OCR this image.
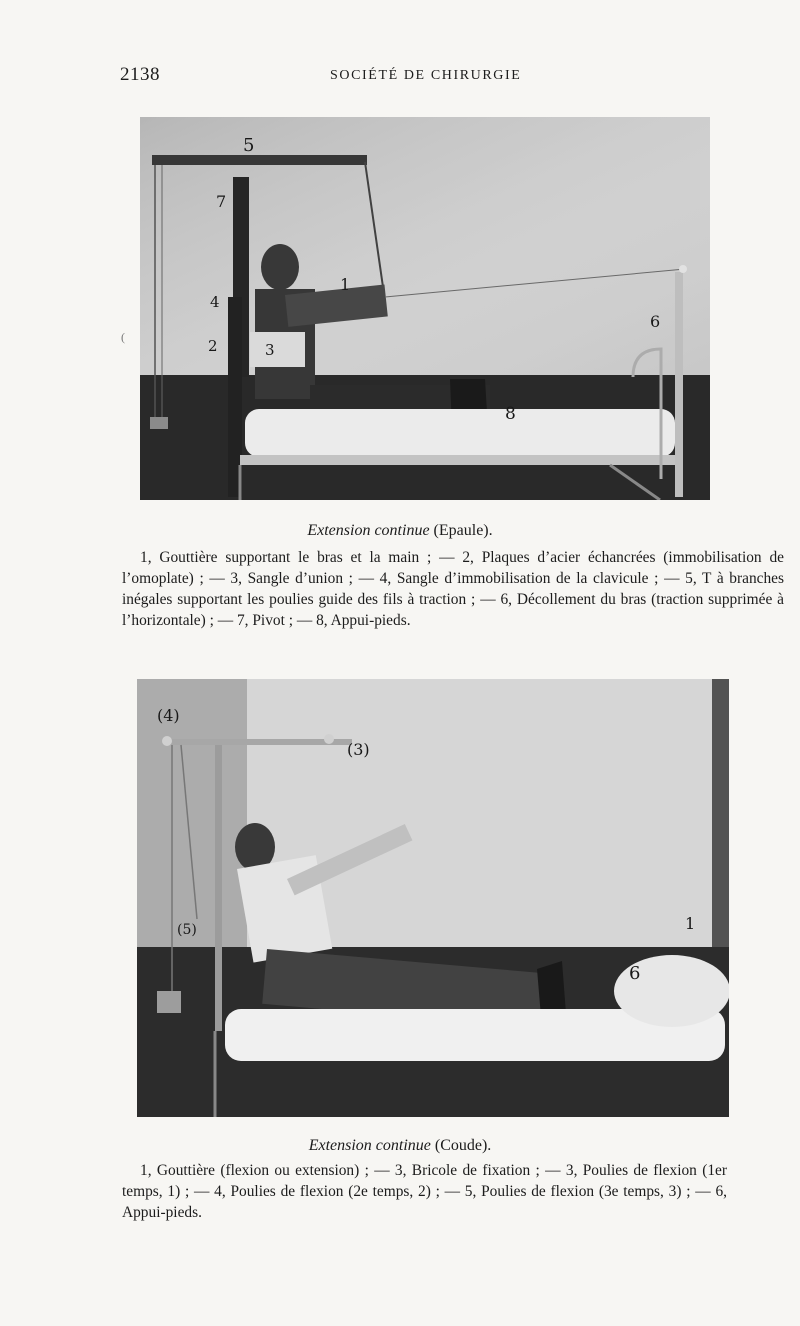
2138	SOCIÉTÉ DE CHIRURGIE
(
5
7
1
4
2	3
6
8
Extension continue (Epaule).

1, Gouttière supportant le bras et la main ; — 2, Plaques d’acier échancrées (immobilisation de l’omoplate) ; — 3, Sangle d’union ; — 4, Sangle d’immobilisation de la clavicule ; — 5, T à branches inégales supportant les poulies guide des fils à traction ; — 6, Décollement du bras (traction supprimée à l’horizontale) ; — 7, Pivot ; — 8, Appui-pieds.

(4)
(3)
(5)	1
6
Extension continue (Coude).

1, Gouttière (flexion ou extension) ; — 3, Bricole de fixation ; — 3, Poulies de flexion (1er temps, 1) ; — 4, Poulies de flexion (2e temps, 2) ; — 5, Poulies de flexion (3e temps, 3) ; — 6, Appui-pieds.
